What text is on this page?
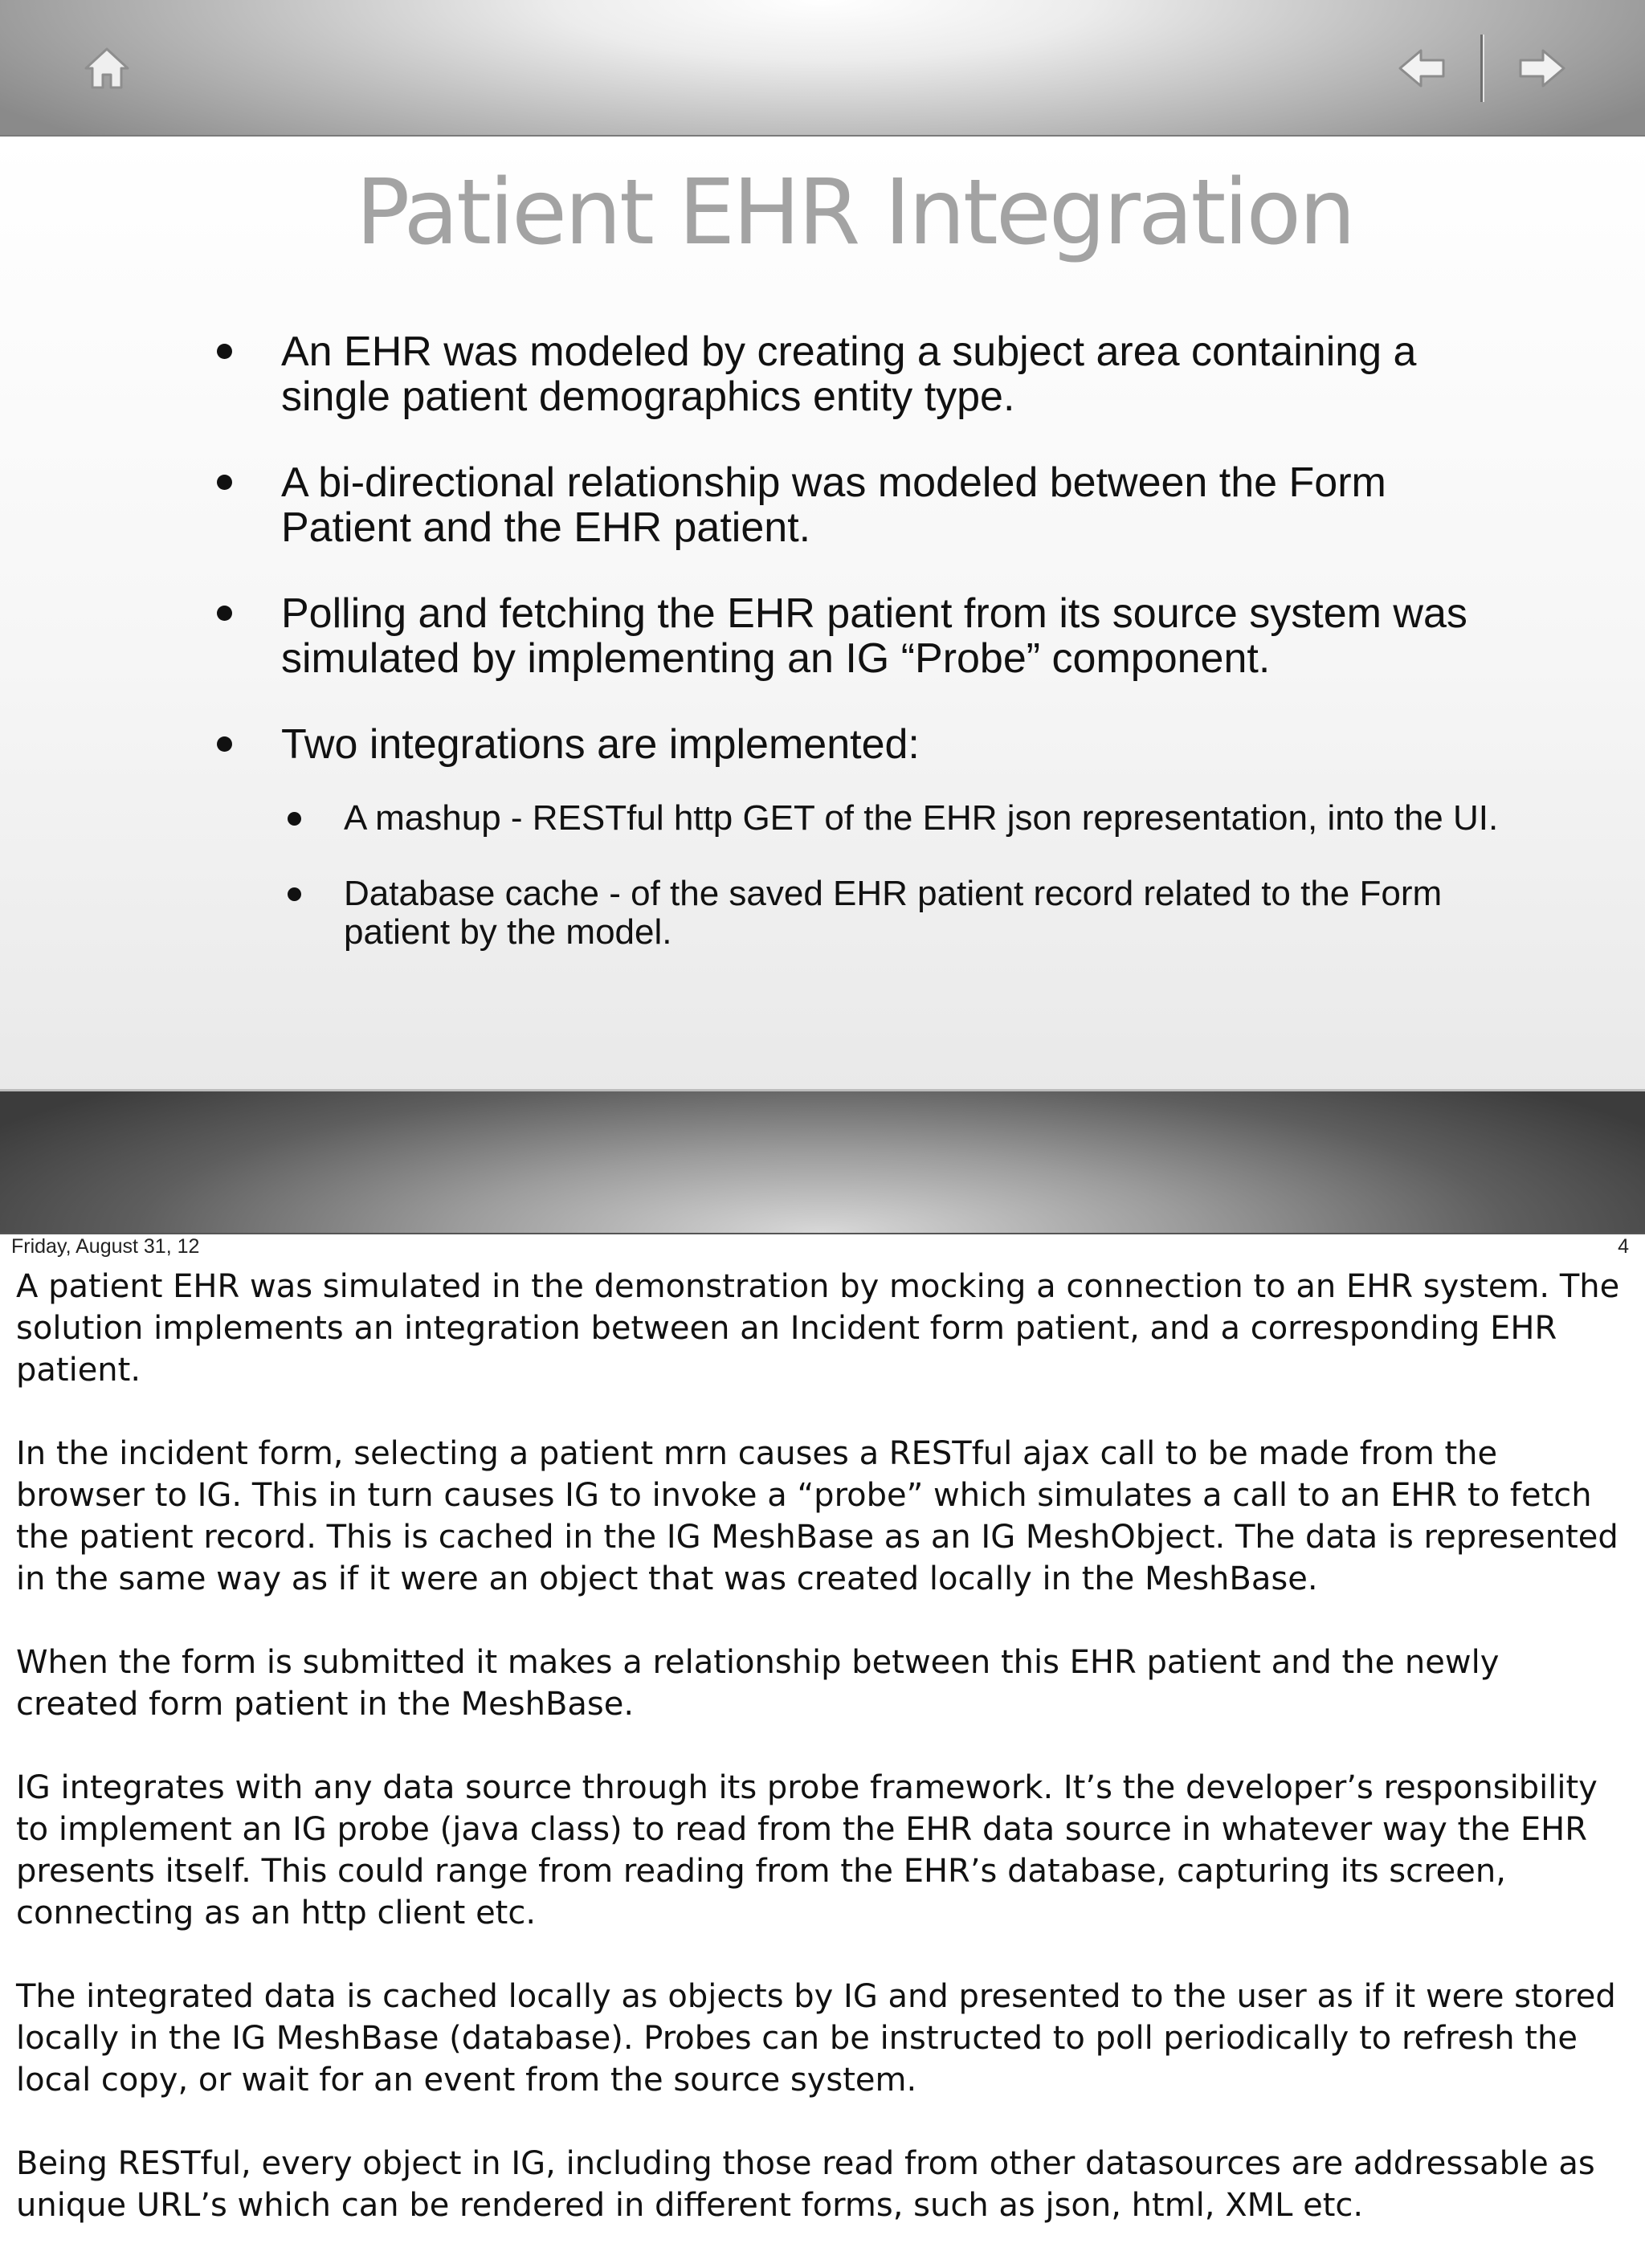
Patient EHR Integration
An EHR was modeled by creating a subject area containing a single patient demographics entity type.
A bi-directional relationship was modeled between the Form Patient and the EHR patient.
Polling and fetching the EHR patient from its source system was simulated by implementing an IG “Probe” component.
Two integrations are implemented:
A mashup - RESTful http GET of the EHR json representation, into the UI.
Database cache - of the saved EHR patient record related to the Form patient by the model.
Friday, August 31, 12	4

A patient EHR was simulated in the demonstration by mocking a connection to an EHR system. The solution implements an integration between an Incident form patient, and a corresponding EHR patient.

In the incident form, selecting a patient mrn causes a RESTful ajax call to be made from the browser to IG. This in turn causes IG to invoke a “probe” which simulates a call to an EHR to fetch the patient record. This is cached in the IG MeshBase as an IG MeshObject. The data is represented in the same way as if it were an object that was created locally in the MeshBase.

When the form is submitted it makes a relationship between this EHR patient and the newly created form patient in the MeshBase.

IG integrates with any data source through its probe framework. It’s the developer’s responsibility to implement an IG probe (java class) to read from the EHR data source in whatever way the EHR presents itself. This could range from reading from the EHR’s database, capturing its screen, connecting as an http client etc.

The integrated data is cached locally as objects by IG and presented to the user as if it were stored locally in the IG MeshBase (database). Probes can be instructed to poll periodically to refresh the local copy, or wait for an event from the source system.

Being RESTful, every object in IG, including those read from other datasources are addressable as unique URL’s which can be rendered in different forms, such as json, html, XML etc.
